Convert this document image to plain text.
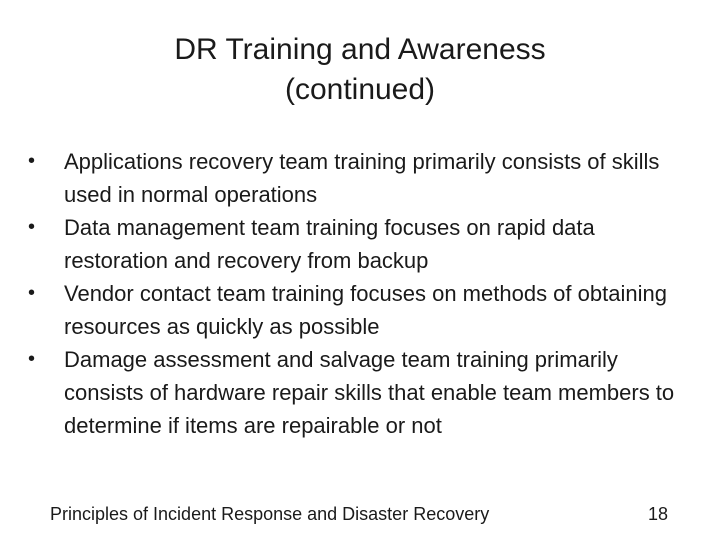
DR Training and Awareness
(continued)
•	Applications recovery team training primarily consists of skills used in normal operations
•	Data management team training focuses on rapid data restoration and recovery from backup
•	Vendor contact team training focuses on methods of obtaining resources as quickly as possible
•	Damage assessment and salvage team training primarily consists of hardware repair skills that enable team members to determine if items are repairable or not
Principles of Incident Response and Disaster Recovery	18
